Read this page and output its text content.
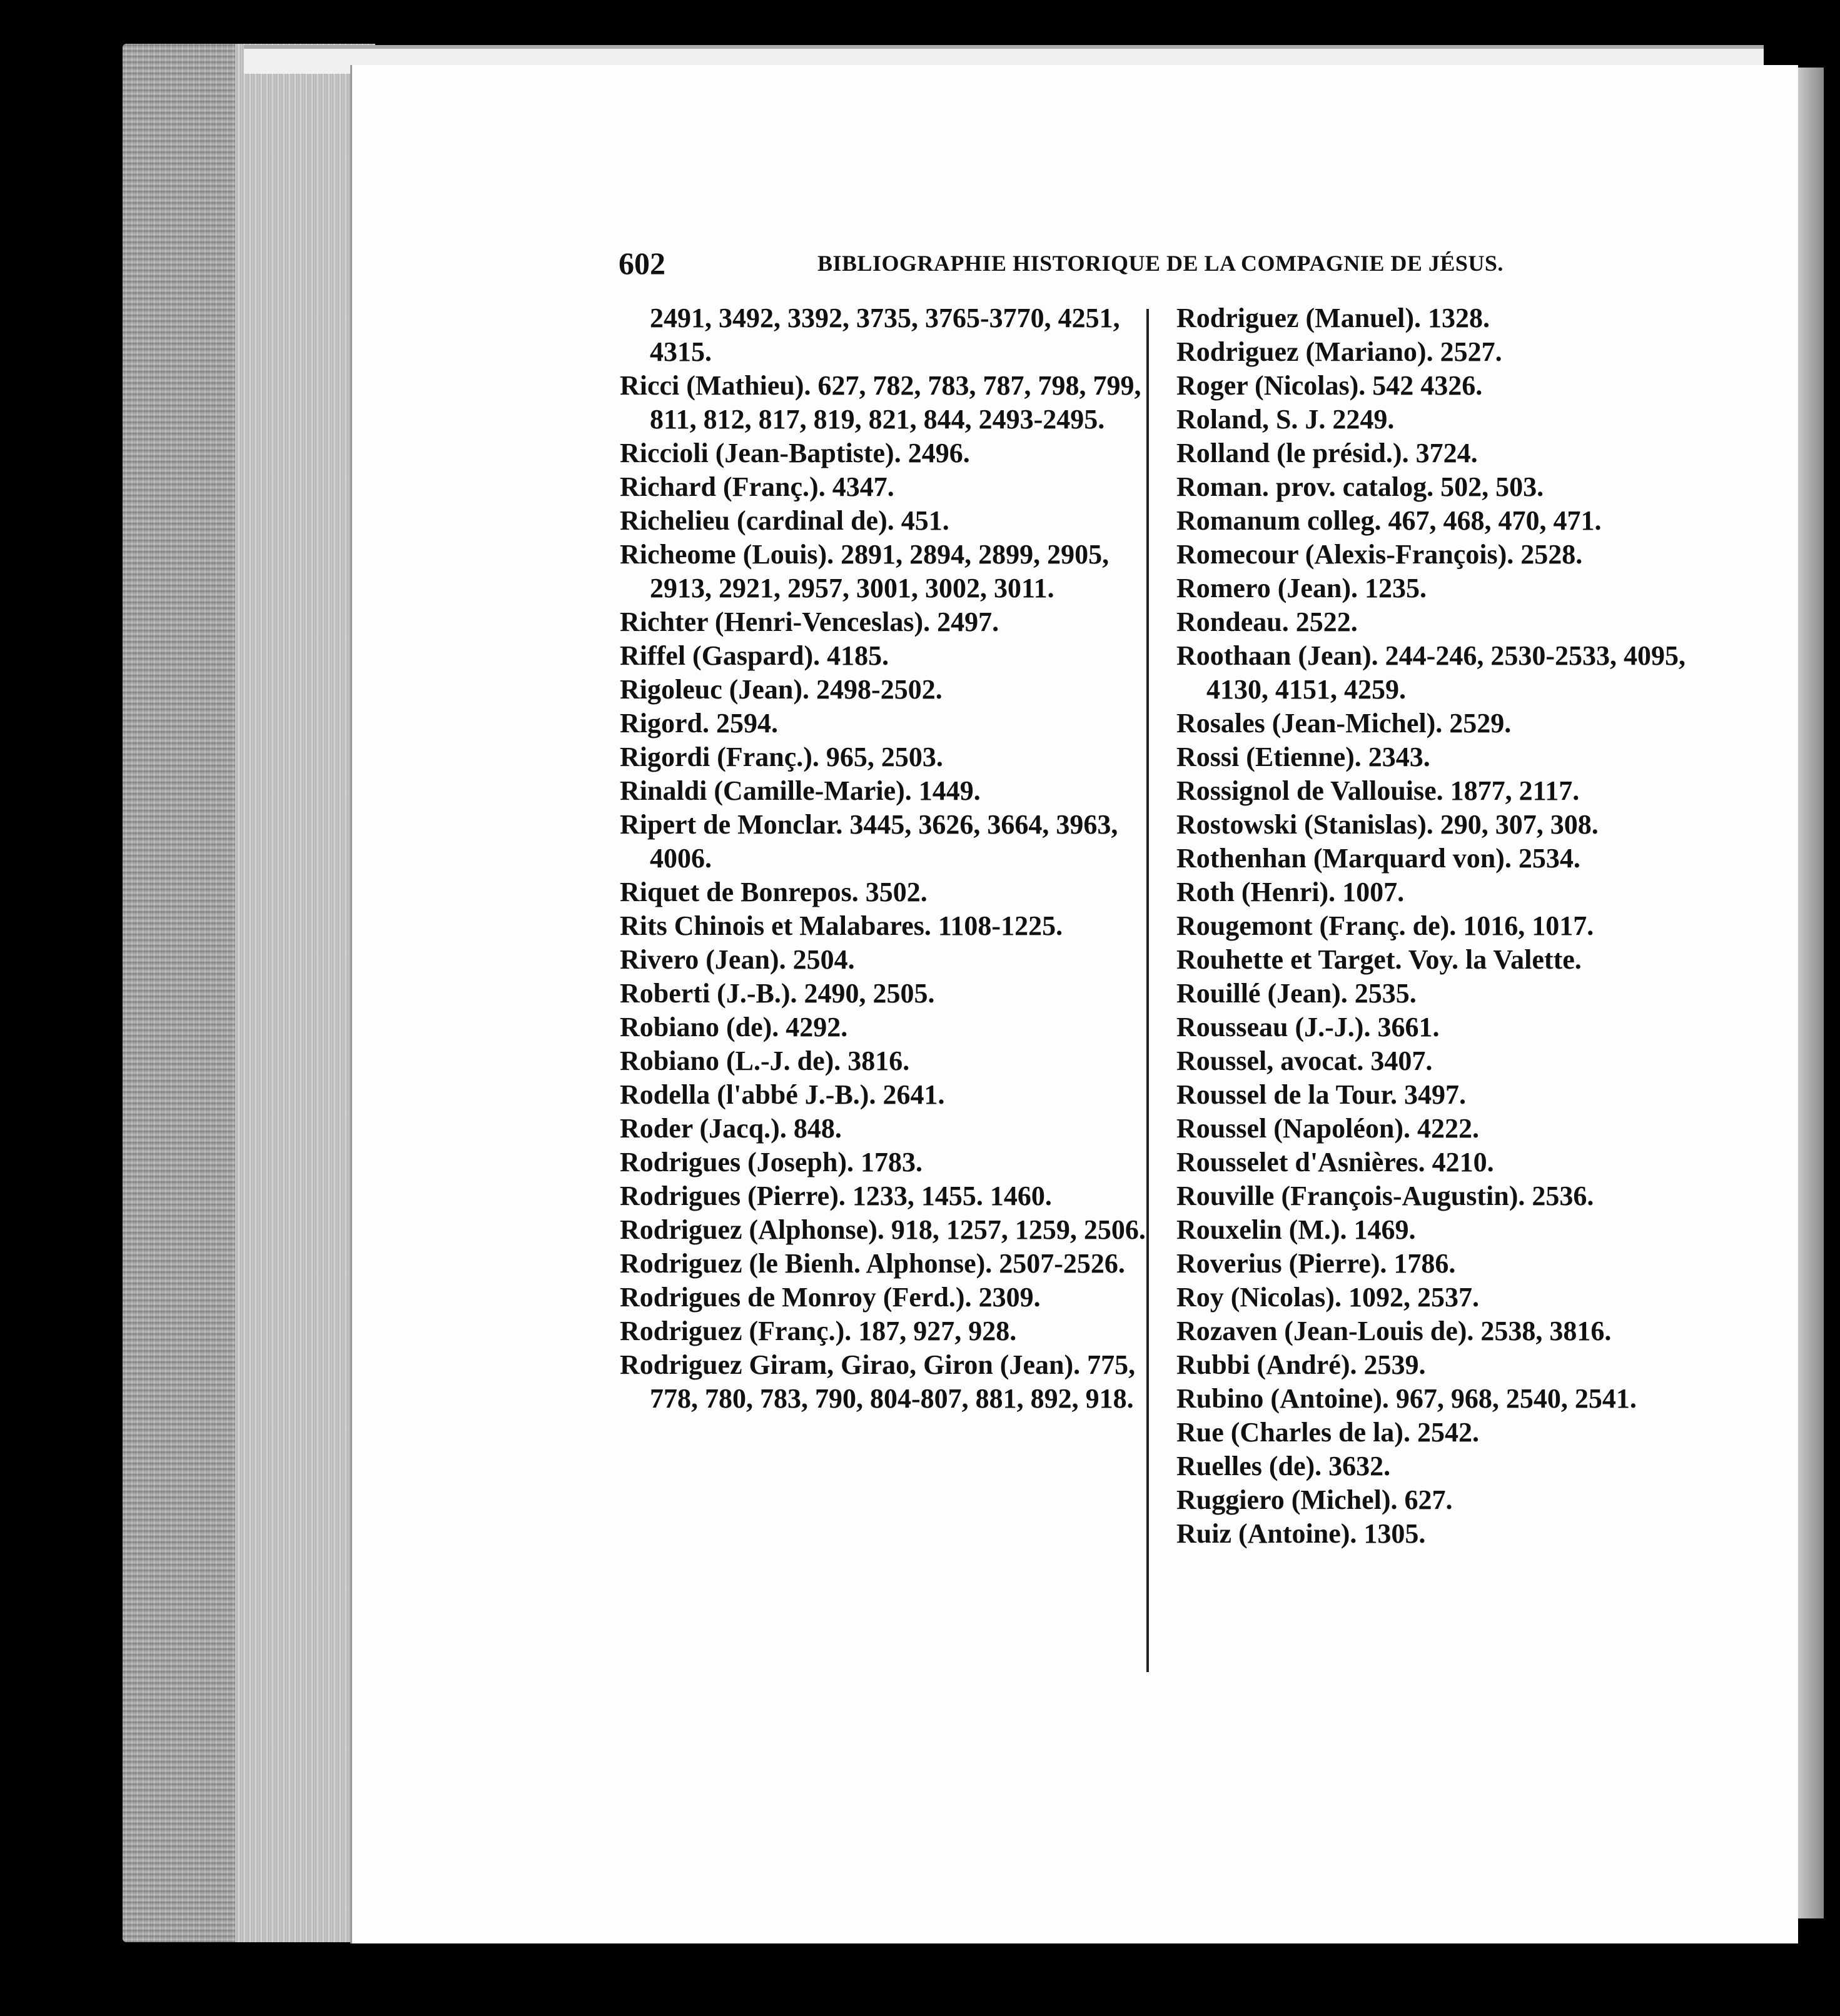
602	BIBLIOGRAPHIE HISTORIQUE DE LA COMPAGNIE DE JÉSUS.

2491, 3492, 3392, 3735, 3765-3770, 4251, 4315.

Ricci (Mathieu). 627, 782, 783, 787, 798, 799, 811, 812, 817, 819, 821, 844, 2493-2495.

Riccioli (Jean-Baptiste). 2496.

Richard (Franç.). 4347.

Richelieu (cardinal de). 451.

Richeome (Louis). 2891, 2894, 2899, 2905, 2913, 2921, 2957, 3001, 3002, 3011.

Richter (Henri-Venceslas). 2497.

Riffel (Gaspard). 4185.

Rigoleuc (Jean). 2498-2502.

Rigord. 2594.

Rigordi (Franç.). 965, 2503.

Rinaldi (Camille-Marie). 1449.

Ripert de Monclar. 3445, 3626, 3664, 3963, 4006.

Riquet de Bonrepos. 3502.

Rits Chinois et Malabares. 1108-1225.

Rivero (Jean). 2504.

Roberti (J.-B.). 2490, 2505.

Robiano (de). 4292.

Robiano (L.-J. de). 3816.

Rodella (l'abbé J.-B.). 2641.

Roder (Jacq.). 848.

Rodrigues (Joseph). 1783.

Rodrigues (Pierre). 1233, 1455. 1460.

Rodriguez (Alphonse). 918, 1257, 1259, 2506.

Rodriguez (le Bienh. Alphonse). 2507-2526.

Rodrigues de Monroy (Ferd.). 2309.

Rodriguez (Franç.). 187, 927, 928.

Rodriguez Giram, Girao, Giron (Jean). 775, 778, 780, 783, 790, 804-807, 881, 892, 918.

Rodriguez (Manuel). 1328.

Rodriguez (Mariano). 2527.

Roger (Nicolas). 542 4326.

Roland, S. J. 2249.

Rolland (le présid.). 3724.

Roman. prov. catalog. 502, 503.

Romanum colleg. 467, 468, 470, 471.

Romecour (Alexis-François). 2528.

Romero (Jean). 1235.

Rondeau. 2522.

Roothaan (Jean). 244-246, 2530-2533, 4095, 4130, 4151, 4259.

Rosales (Jean-Michel). 2529.

Rossi (Etienne). 2343.

Rossignol de Vallouise. 1877, 2117.

Rostowski (Stanislas). 290, 307, 308.

Rothenhan (Marquard von). 2534.

Roth (Henri). 1007.

Rougemont (Franç. de). 1016, 1017.

Rouhette et Target. Voy. la Valette.

Rouillé (Jean). 2535.

Rousseau (J.-J.). 3661.

Roussel, avocat. 3407.

Roussel de la Tour. 3497.

Roussel (Napoléon). 4222.

Rousselet d'Asnières. 4210.

Rouville (François-Augustin). 2536.

Rouxelin (M.). 1469.

Roverius (Pierre). 1786.

Roy (Nicolas). 1092, 2537.

Rozaven (Jean-Louis de). 2538, 3816.

Rubbi (André). 2539.

Rubino (Antoine). 967, 968, 2540, 2541.

Rue (Charles de la). 2542.

Ruelles (de). 3632.

Ruggiero (Michel). 627.

Ruiz (Antoine). 1305.
